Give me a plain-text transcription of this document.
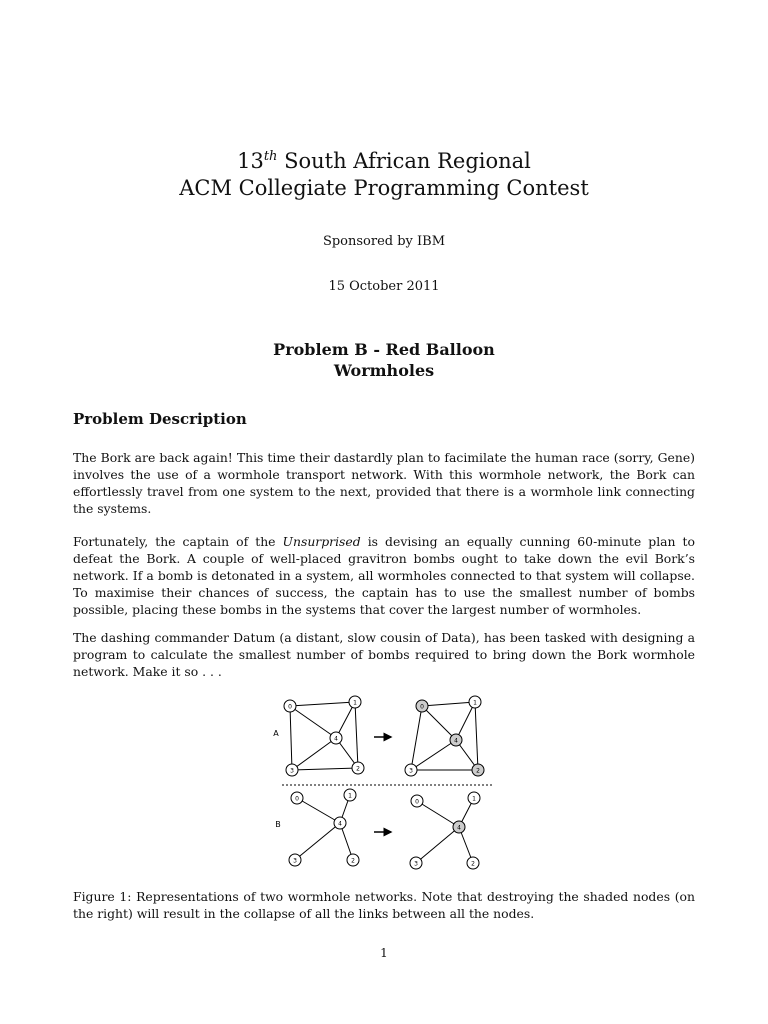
13th South African Regional
ACM Collegiate Programming Contest
Sponsored by IBM
15 October 2011
Problem B - Red Balloon
Wormholes
Problem Description
The Bork are back again! This time their dastardly plan to facimilate the human race (sorry, Gene) involves the use of a wormhole transport network. With this wormhole network, the Bork can effortlessly travel from one system to the next, provided that there is a wormhole link connecting the systems.
Fortunately, the captain of the Unsurprised is devising an equally cunning 60-minute plan to defeat the Bork. A couple of well-placed gravitron bombs ought to take down the evil Bork’s network. If a bomb is detonated in a system, all wormholes connected to that system will collapse. To maximise their chances of success, the captain has to use the smallest number of bombs possible, placing these bombs in the systems that cover the largest number of wormholes.
The dashing commander Datum (a distant, slow cousin of Data), has been tasked with designing a program to calculate the smallest number of bombs required to bring down the Bork wormhole network. Make it so . . .
0
1
4
3	2
A
0
1
4
3	2
0	1
4
3	2
B
0	1
4
3	2
Figure 1: Representations of two wormhole networks. Note that destroying the shaded nodes (on the right) will result in the collapse of all the links between all the nodes.
1
